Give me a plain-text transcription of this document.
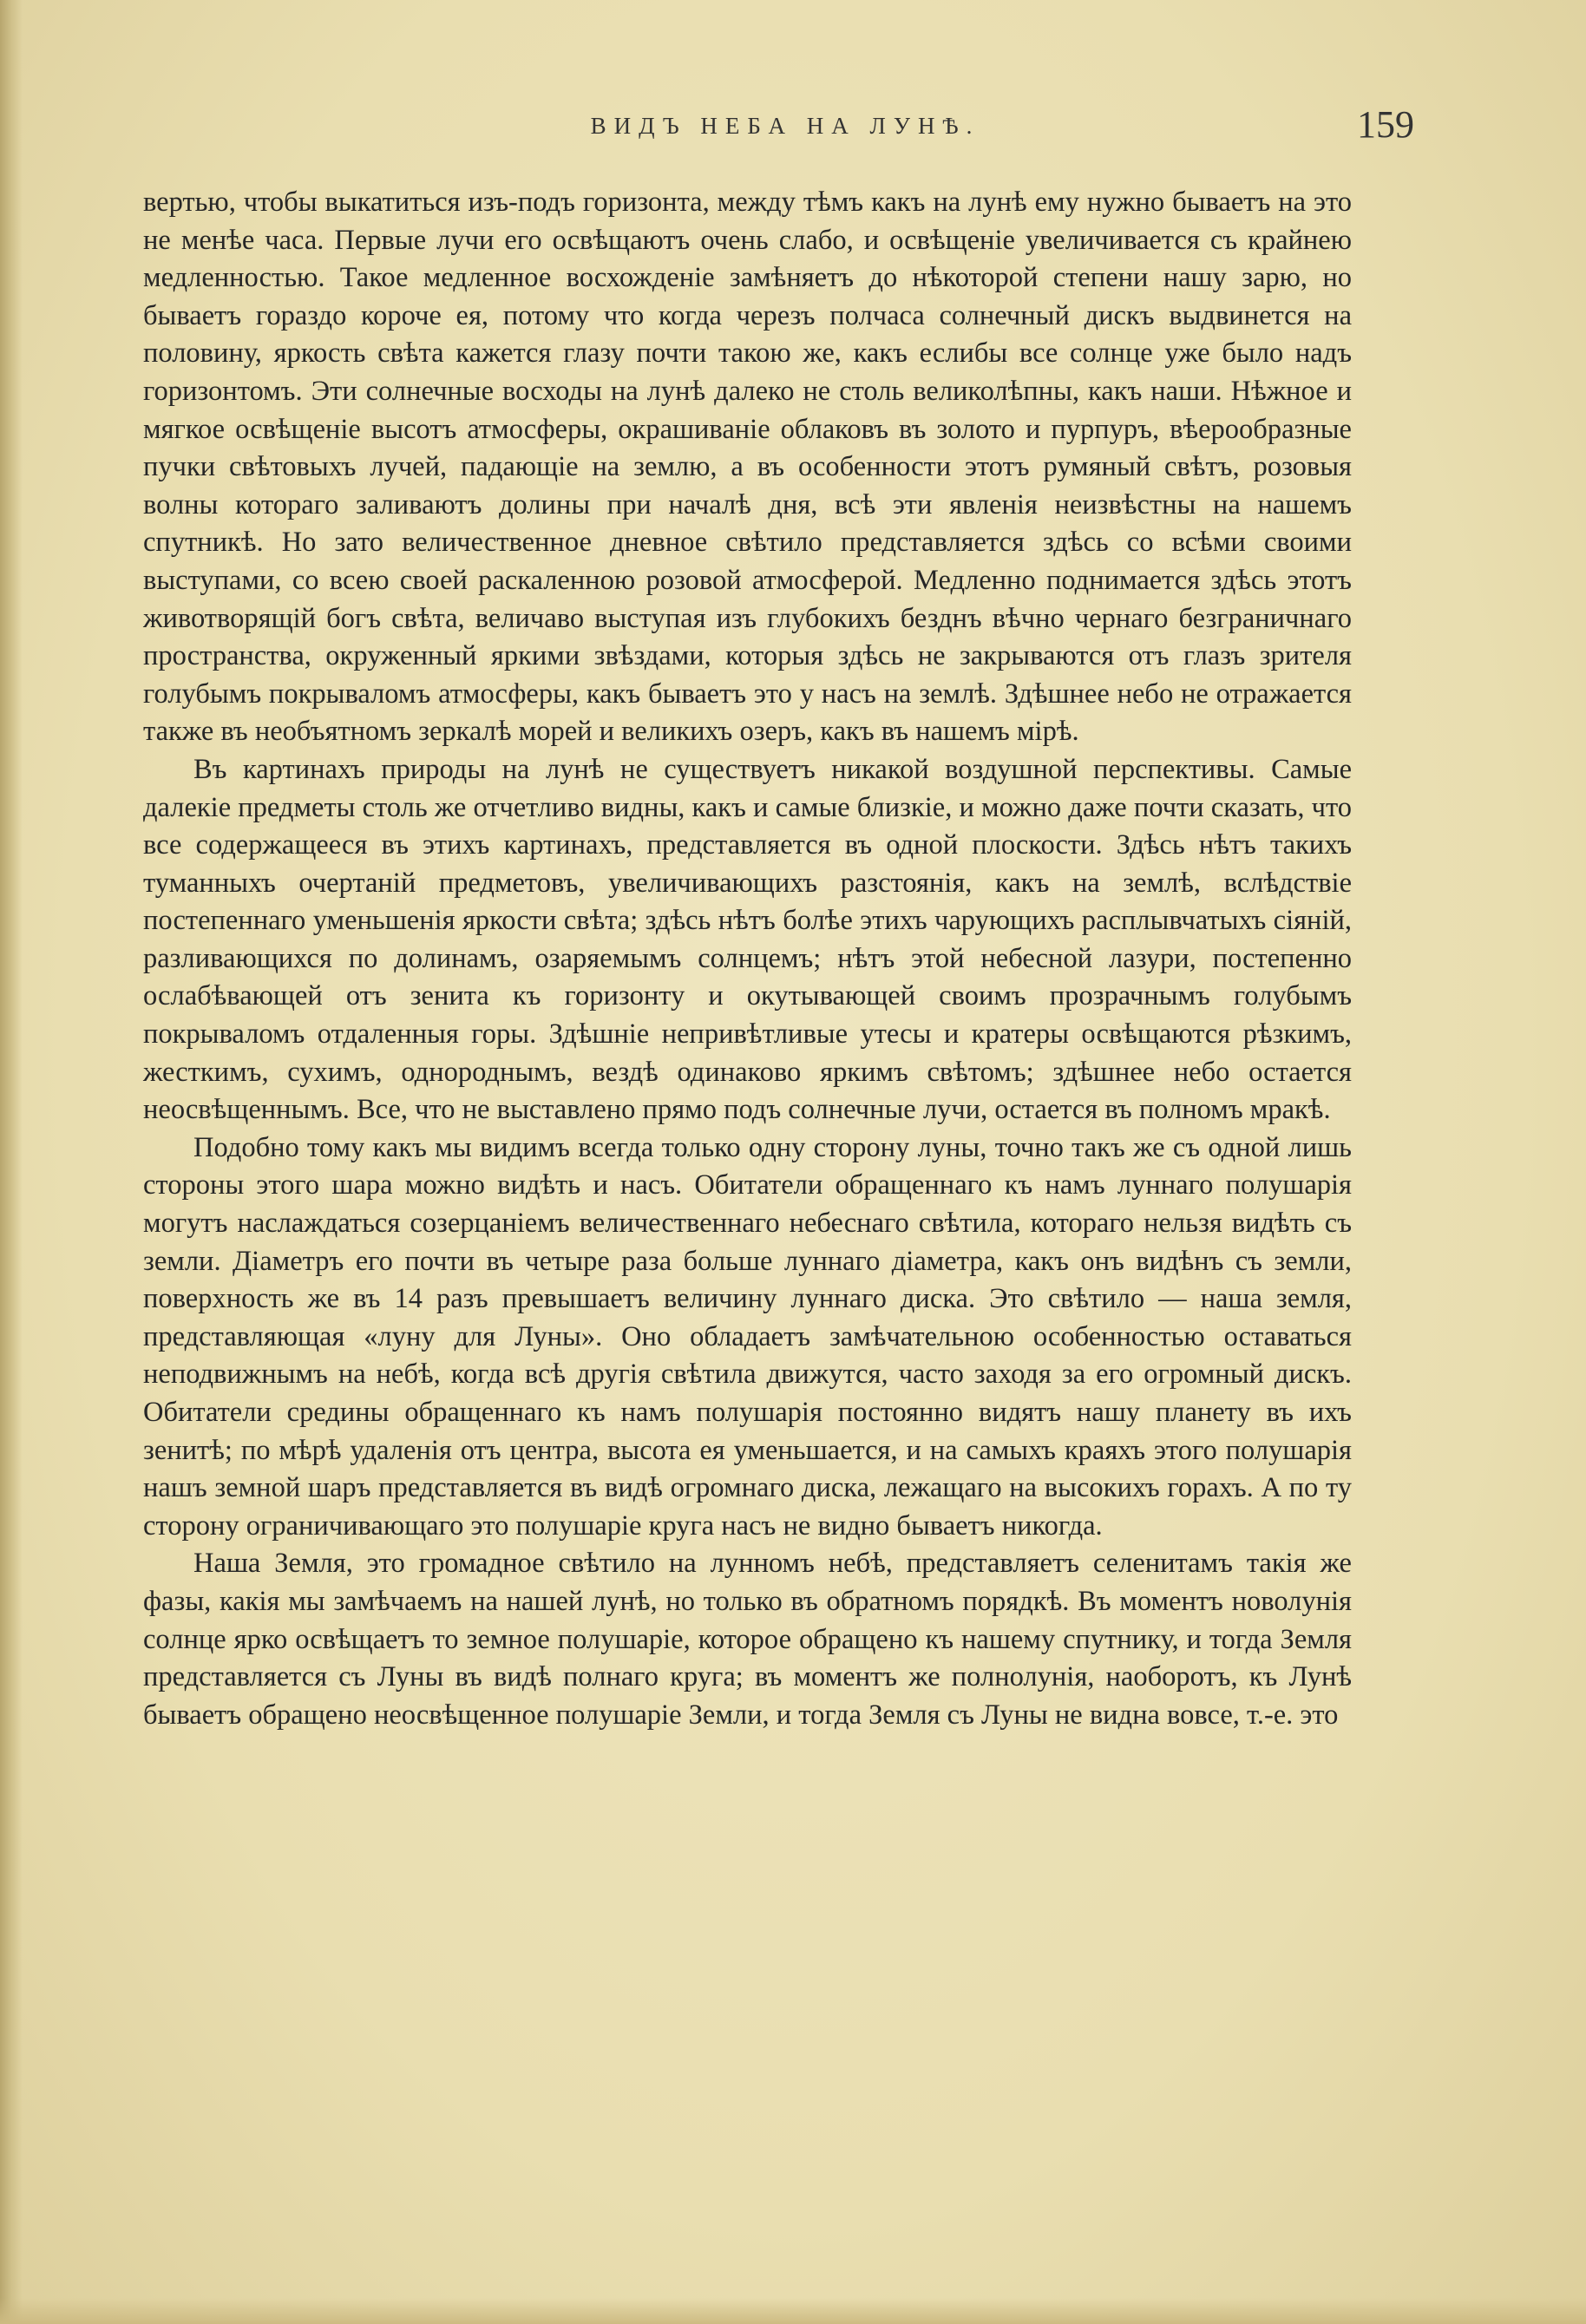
ВИДЪ НЕБА НА ЛУНѢ.	159

вертью, чтобы выкатиться изъ-подъ горизонта, между тѣмъ какъ на лунѣ ему нужно бываетъ на это не менѣе часа. Первые лучи его освѣщаютъ очень слабо, и освѣщеніе увеличивается съ крайнею медленностью. Такое медленное восхожденіе замѣняетъ до нѣкоторой степени нашу зарю, но бываетъ гораздо короче ея, потому что когда черезъ полчаса солнечный дискъ выдвинется на половину, яркость свѣта кажется глазу почти такою же, какъ еслибы все солнце уже было надъ горизонтомъ. Эти солнечные восходы на лунѣ далеко не столь великолѣпны, какъ наши. Нѣжное и мягкое освѣщеніе высотъ атмосферы, окрашиваніе облаковъ въ золото и пурпуръ, вѣерообразные пучки свѣтовыхъ лучей, падающіе на землю, а въ особенности этотъ румяный свѣтъ, розовыя волны котораго заливаютъ долины при началѣ дня, всѣ эти явленія неизвѣстны на нашемъ спутникѣ. Но зато величественное дневное свѣтило представляется здѣсь со всѣми своими выступами, со всею своей раскаленною розовой атмосферой. Медленно поднимается здѣсь этотъ животворящій богъ свѣта, величаво выступая изъ глубокихъ безднъ вѣчно чернаго безграничнаго пространства, окруженный яркими звѣздами, которыя здѣсь не закрываются отъ глазъ зрителя голубымъ покрываломъ атмосферы, какъ бываетъ это у насъ на землѣ. Здѣшнее небо не отражается также въ необъятномъ зеркалѣ морей и великихъ озеръ, какъ въ нашемъ мірѣ.

Въ картинахъ природы на лунѣ не существуетъ никакой воздушной перспективы. Самые далекіе предметы столь же отчетливо видны, какъ и самые близкіе, и можно даже почти сказать, что все содержащееся въ этихъ картинахъ, представляется въ одной плоскости. Здѣсь нѣтъ такихъ туманныхъ очертаній предметовъ, увеличивающихъ разстоянія, какъ на землѣ, вслѣдствіе постепеннаго уменьшенія яркости свѣта; здѣсь нѣтъ болѣе этихъ чарующихъ расплывчатыхъ сіяній, разливающихся по долинамъ, озаряемымъ солнцемъ; нѣтъ этой небесной лазури, постепенно ослабѣвающей отъ зенита къ горизонту и окутывающей своимъ прозрачнымъ голубымъ покрываломъ отдаленныя горы. Здѣшніе непривѣтливые утесы и кратеры освѣщаются рѣзкимъ, жесткимъ, сухимъ, однороднымъ, вездѣ одинаково яркимъ свѣтомъ; здѣшнее небо остается неосвѣщеннымъ. Все, что не выставлено прямо подъ солнечные лучи, остается въ полномъ мракѣ.

Подобно тому какъ мы видимъ всегда только одну сторону луны, точно такъ же съ одной лишь стороны этого шара можно видѣть и насъ. Обитатели обращеннаго къ намъ луннаго полушарія могутъ наслаждаться созерцаніемъ величественнаго небеснаго свѣтила, котораго нельзя видѣть съ земли. Діаметръ его почти въ четыре раза больше луннаго діаметра, какъ онъ видѣнъ съ земли, поверхность же въ 14 разъ превышаетъ величину луннаго диска. Это свѣтило — наша земля, представляющая «луну для Луны». Оно обладаетъ замѣчательною особенностью оставаться неподвижнымъ на небѣ, когда всѣ другія свѣтила движутся, часто заходя за его огромный дискъ. Обитатели средины обращеннаго къ намъ полушарія постоянно видятъ нашу планету въ ихъ зенитѣ; по мѣрѣ удаленія отъ центра, высота ея уменьшается, и на самыхъ краяхъ этого полушарія нашъ земной шаръ представляется въ видѣ огромнаго диска, лежащаго на высокихъ горахъ. А по ту сторону ограничивающаго это полушаріе круга насъ не видно бываетъ никогда.

Наша Земля, это громадное свѣтило на лунномъ небѣ, представляетъ селенитамъ такія же фазы, какія мы замѣчаемъ на нашей лунѣ, но только въ обратномъ порядкѣ. Въ моментъ новолунія солнце ярко освѣщаетъ то земное полушаріе, которое обращено къ нашему спутнику, и тогда Земля представляется съ Луны въ видѣ полнаго круга; въ моментъ же полнолунія, наоборотъ, къ Лунѣ бываетъ обращено неосвѣщенное полушаріе Земли, и тогда Земля съ Луны не видна вовсе, т.-е. это
